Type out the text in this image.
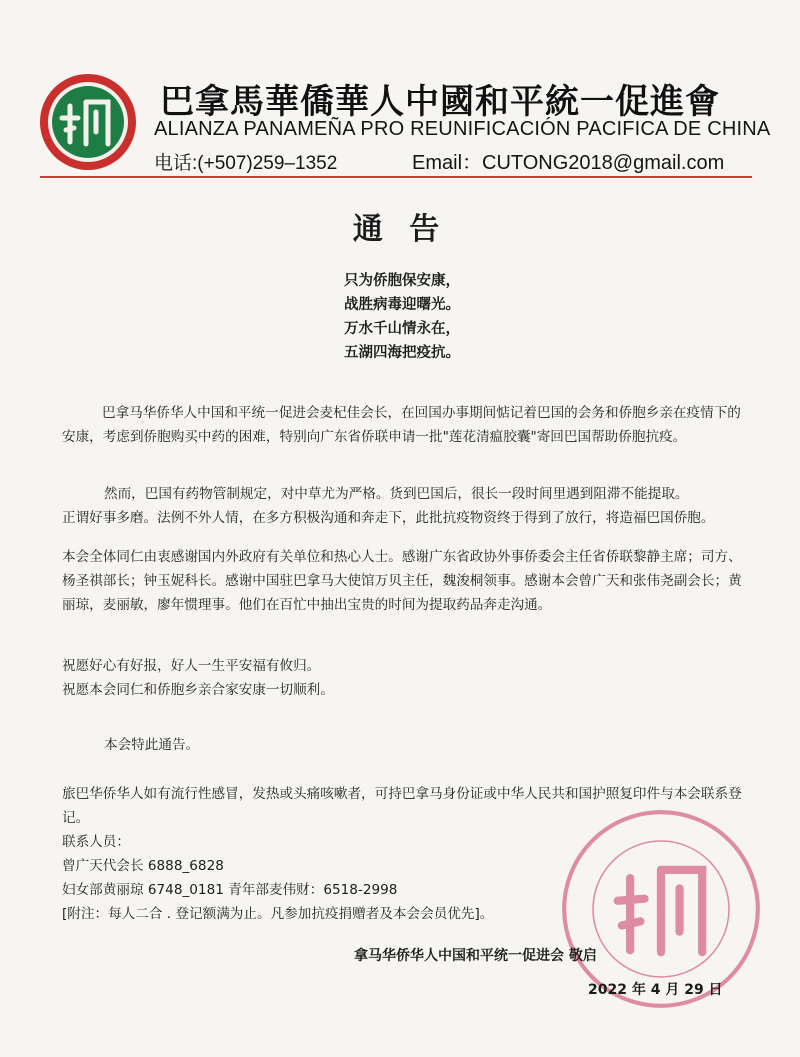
巴拿馬華僑華人中國和平統一促進會
ALIANZA PANAMEÑA PRO REUNIFICACIÓN PACIFICA DE CHINA
电话:(+507)259–1352	Email：CUTONG2018@gmail.com
通 告
只为侨胞保安康，
战胜病毒迎曙光。
万水千山情永在，
五湖四海把疫抗。
巴拿马华侨华人中国和平统一促进会麦杞佳会长，在回国办事期间惦记着巴国的会务和侨胞乡亲在疫情下的安康，考虑到侨胞购买中药的困难，特别向广东省侨联申请一批"莲花清瘟胶囊"寄回巴国帮助侨胞抗疫。
然而，巴国有药物管制规定，对中草尤为严格。货到巴国后，很长一段时间里遇到阻滞不能提取。
正谓好事多磨。法例不外人情，在多方积极沟通和奔走下，此批抗疫物资终于得到了放行，将造福巴国侨胞。
本会全体同仁由衷感谢国内外政府有关单位和热心人士。感谢广东省政协外事侨委会主任省侨联黎静主席；司方、杨圣祺部长；钟玉妮科长。感谢中国驻巴拿马大使馆万贝主任，魏浚桐领事。感谢本会曾广天和张伟尧副会长；黄丽琼，麦丽敏，廖年惯理事。他们在百忙中抽出宝贵的时间为提取药品奔走沟通。
祝愿好心有好报，好人一生平安福有攸归。
祝愿本会同仁和侨胞乡亲合家安康一切顺利。
本会特此通告。
旅巴华侨华人如有流行性感冒，发热或头痛咳嗽者，可持巴拿马身份证或中华人民共和国护照复印件与本会联系登记。
联系人员：
曾广天代会长 6888_6828
妇女部黄丽琼 6748_0181 青年部麦伟财：6518-2998
[附注：每人二合 . 登记额满为止。凡参加抗疫捐赠者及本会会员优先]。
拿马华侨华人中国和平统一促进会 敬启
2022 年 4 月 29 日
